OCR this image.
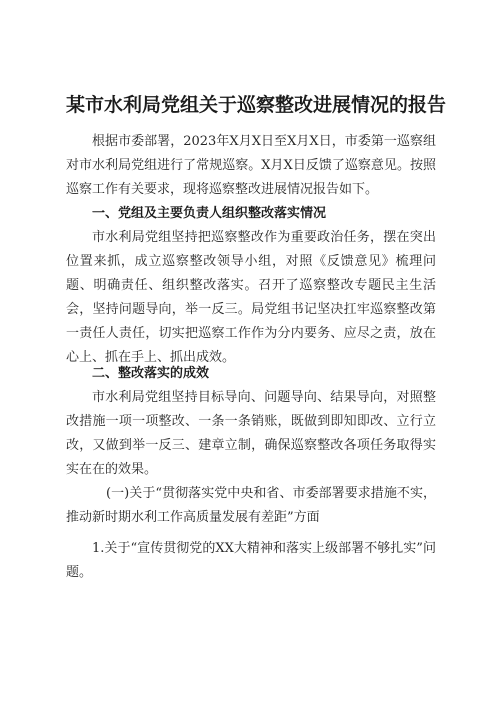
某市水利局党组关于巡察整改进展情况的报告

根据市委部署，2023年X月X日至X月X日，市委第一巡察组对市水利局党组进行了常规巡察。X月X日反馈了巡察意见。按照巡察工作有关要求，现将巡察整改进展情况报告如下。

一、党组及主要负责人组织整改落实情况

市水利局党组坚持把巡察整改作为重要政治任务，摆在突出位置来抓，成立巡察整改领导小组，对照《反馈意见》梳理问题、明确责任、组织整改落实。召开了巡察整改专题民主生活会，坚持问题导向，举一反三。局党组书记坚决扛牢巡察整改第一责任人责任，切实把巡察工作作为分内要务、应尽之责，放在心上、抓在手上、抓出成效。

二、整改落实的成效

市水利局党组坚持目标导向、问题导向、结果导向，对照整改措施一项一项整改、一条一条销账，既做到即知即改、立行立改，又做到举一反三、建章立制，确保巡察整改各项任务取得实实在在的效果。

(一)关于“贯彻落实党中央和省、市委部署要求措施不实，推动新时期水利工作高质量发展有差距”方面

1.关于“宣传贯彻党的XX大精神和落实上级部署不够扎实”问题。
